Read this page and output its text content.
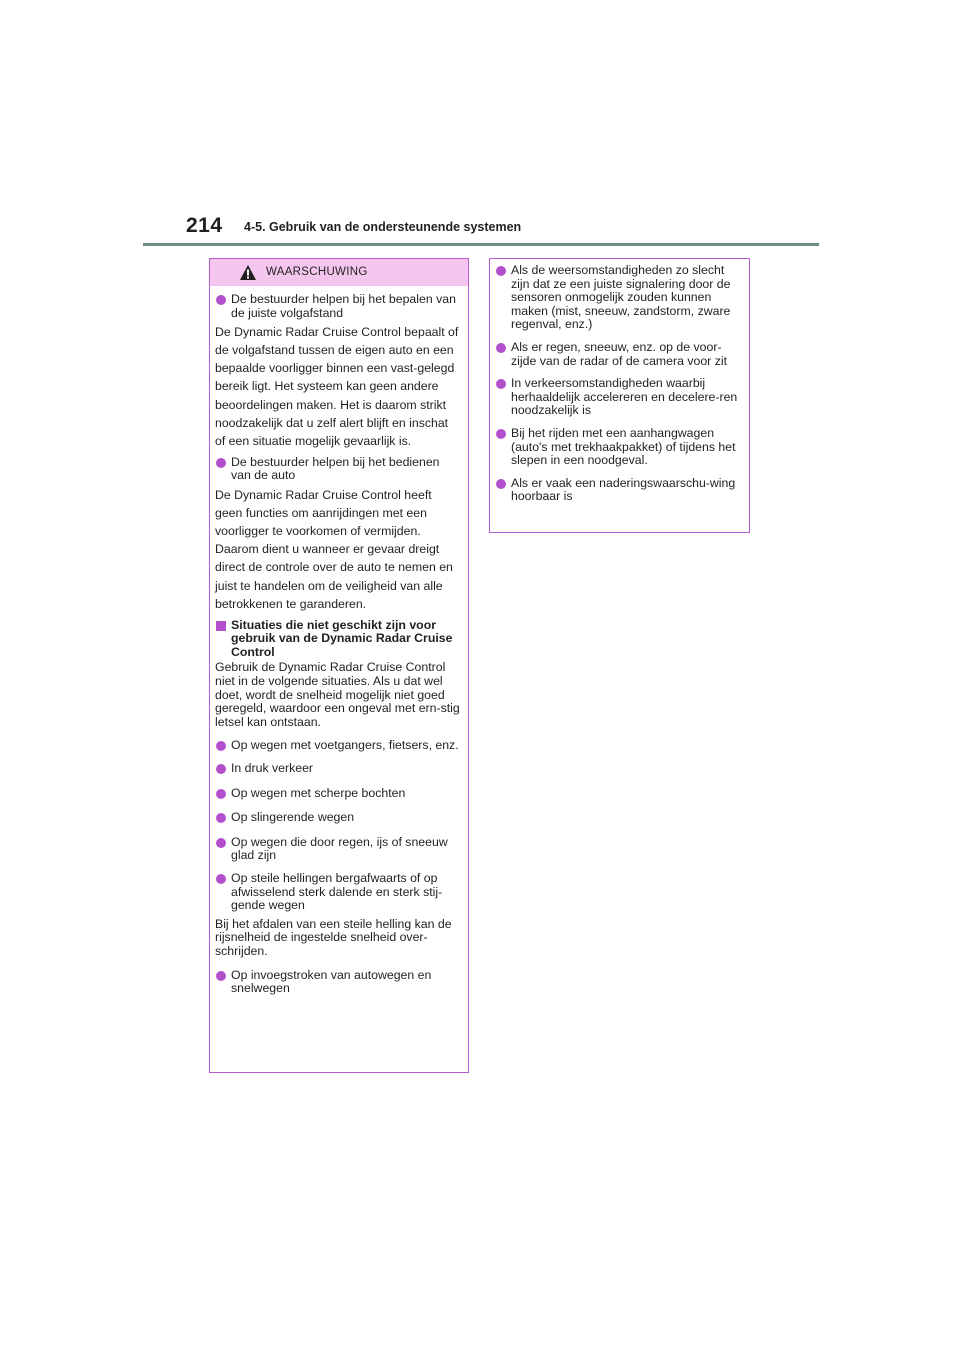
214 4-5. Gebruik van de ondersteunende systemen
WAARSCHUWING
De bestuurder helpen bij het bepalen van de juiste volgafstand
De Dynamic Radar Cruise Control bepaalt of de volgafstand tussen de eigen auto en een bepaalde voorligger binnen een vast-gelegd bereik ligt. Het systeem kan geen andere beoordelingen maken. Het is daarom strikt noodzakelijk dat u zelf alert blijft en inschat of een situatie mogelijk gevaarlijk is.
De bestuurder helpen bij het bedienen van de auto
De Dynamic Radar Cruise Control heeft geen functies om aanrijdingen met een voorligger te voorkomen of vermijden. Daarom dient u wanneer er gevaar dreigt direct de controle over de auto te nemen en juist te handelen om de veiligheid van alle betrokkenen te garanderen.
Situaties die niet geschikt zijn voor gebruik van de Dynamic Radar Cruise Control
Gebruik de Dynamic Radar Cruise Control niet in de volgende situaties. Als u dat wel doet, wordt de snelheid mogelijk niet goed geregeld, waardoor een ongeval met ern-stig letsel kan ontstaan.
Op wegen met voetgangers, fietsers, enz.
In druk verkeer
Op wegen met scherpe bochten
Op slingerende wegen
Op wegen die door regen, ijs of sneeuw glad zijn
Op steile hellingen bergafwaarts of op afwisselend sterk dalende en sterk stij-gende wegen
Bij het afdalen van een steile helling kan de rijsnelheid de ingestelde snelheid over-schrijden.
Op invoegstroken van autowegen en snelwegen
Als de weersomstandigheden zo slecht zijn dat ze een juiste signalering door de sensoren onmogelijk zouden kunnen maken (mist, sneeuw, zandstorm, zware regenval, enz.)
Als er regen, sneeuw, enz. op de voor-zijde van de radar of de camera voor zit
In verkeersomstandigheden waarbij herhaaldelijk accelereren en decelere-ren noodzakelijk is
Bij het rijden met een aanhangwagen (auto's met trekhaakpakket) of tijdens het slepen in een noodgeval.
Als er vaak een naderingswaarschu-wing hoorbaar is
